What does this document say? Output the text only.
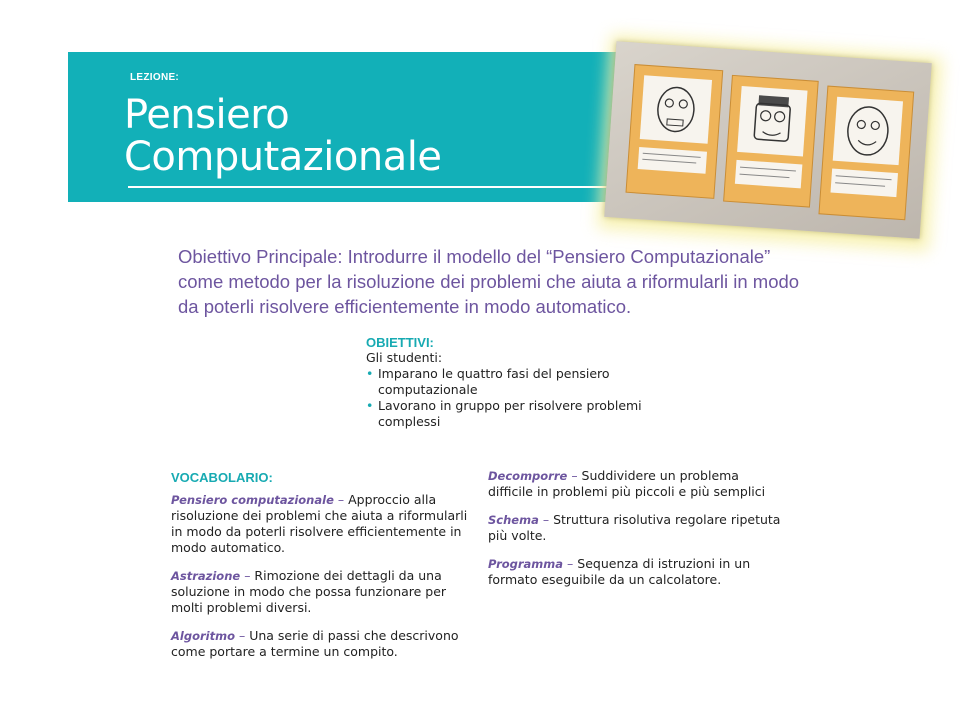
LEZIONE:
Pensiero
Computazionale

Obiettivo Principale: Introdurre il modello del “Pensiero Computazionale” come metodo per la risoluzione dei problemi che aiuta a riformularli in modo da poterli risolvere efficientemente in modo automatico.

OBIETTIVI:
Gli studenti:
• Imparano le quattro fasi del pensiero computazionale
• Lavorano in gruppo per risolvere problemi complessi
VOCABOLARIO:
Pensiero computazionale – Approccio alla risoluzione dei problemi che aiuta a riformularli in modo da poterli risolvere efficientemente in modo automatico.
Astrazione – Rimozione dei dettagli da una soluzione in modo che possa funzionare per molti problemi diversi.
Algoritmo – Una serie di passi che descrivono come portare a termine un compito.
Decomporre – Suddividere un problema difficile in problemi più piccoli e più semplici
Schema – Struttura risolutiva regolare ripetuta più volte.
Programma – Sequenza di istruzioni in un formato eseguibile da un calcolatore.
